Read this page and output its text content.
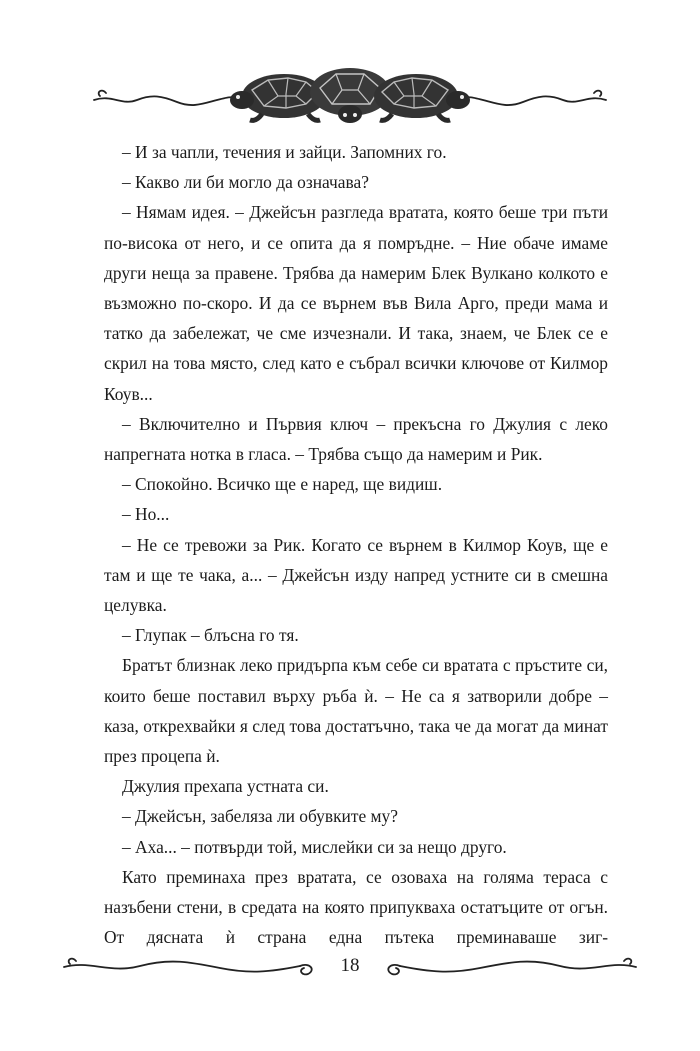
– И за чапли, течения и зайци. Запомних го.

– Какво ли би могло да означава?

– Нямам идея. – Джейсън разгледа вратата, която беше три пъти по-висока от него, и се опита да я помръдне. – Ние обаче имаме други неща за правене. Трябва да намерим Блек Вулкано колкото е възможно по-скоро. И да се върнем във Вила Арго, преди мама и татко да забележат, че сме изчезнали. И така, знаем, че Блек се е скрил на това място, след като е събрал всички ключове от Килмор Коув...

– Включително и Първия ключ – прекъсна го Джулия с леко напрегната нотка в гласа. – Трябва също да намерим и Рик.

– Спокойно. Всичко ще е наред, ще видиш.

– Но...

– Не се тревожи за Рик. Когато се върнем в Килмор Коув, ще е там и ще те чака, а... – Джейсън изду напред устните си в смешна целувка.

– Глупак – блъсна го тя.

Братът близнак леко придърпа към себе си вратата с пръстите си, които беше поставил върху ръба ѝ. – Не са я затворили добре – каза, открехвайки я след това достатъчно, така че да могат да минат през процепа ѝ.

Джулия прехапа устната си.

– Джейсън, забеляза ли обувките му?

– Аха... – потвърди той, мислейки си за нещо друго.

Като преминаха през вратата, се озоваха на голяма тераса с назъбени стени, в средата на която припукваха остатъците от огън. От дясната ѝ страна една пътека преминаваше зиг-

18
